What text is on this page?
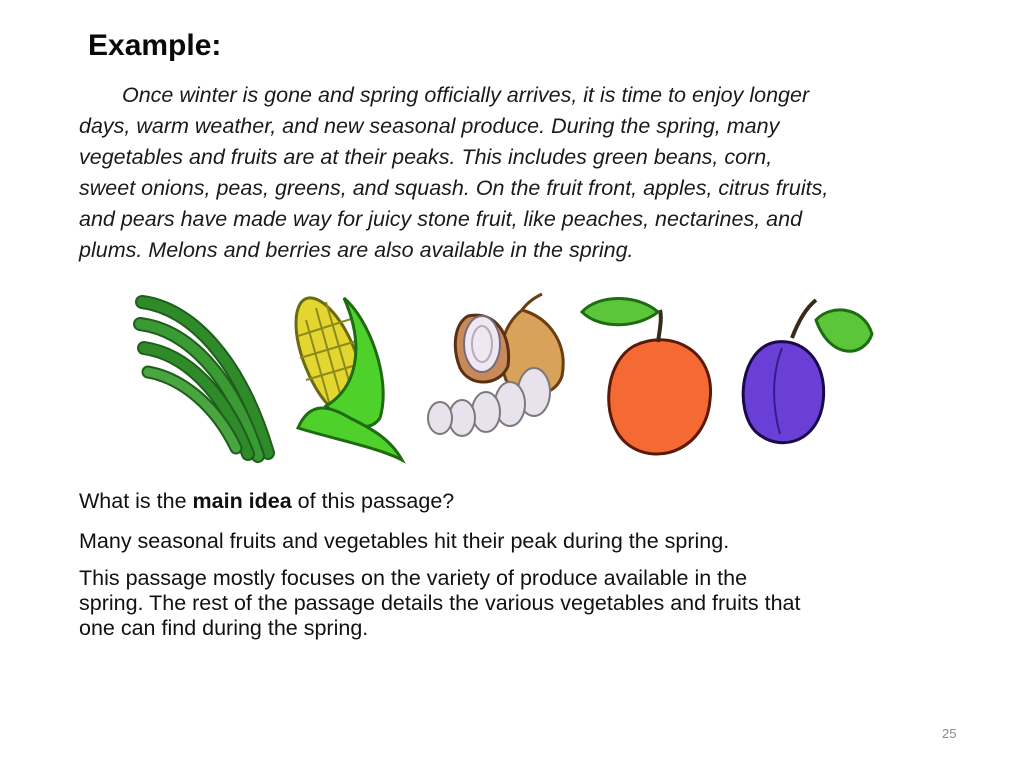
Example:

Once winter is gone and spring officially arrives, it is time to enjoy longer
days, warm weather, and new seasonal produce. During the spring, many
vegetables and fruits are at their peaks. This includes green beans, corn,
sweet onions, peas, greens, and squash. On the fruit front, apples, citrus fruits,
and pears have made way for juicy stone fruit, like peaches, nectarines, and
plums. Melons and berries are also available in the spring.

What is the main idea of this passage?

Many seasonal fruits and vegetables hit their peak during the spring.

This passage mostly focuses on the variety of produce available in the
spring. The rest of the passage details the various vegetables and fruits that
one can find during the spring.

25
